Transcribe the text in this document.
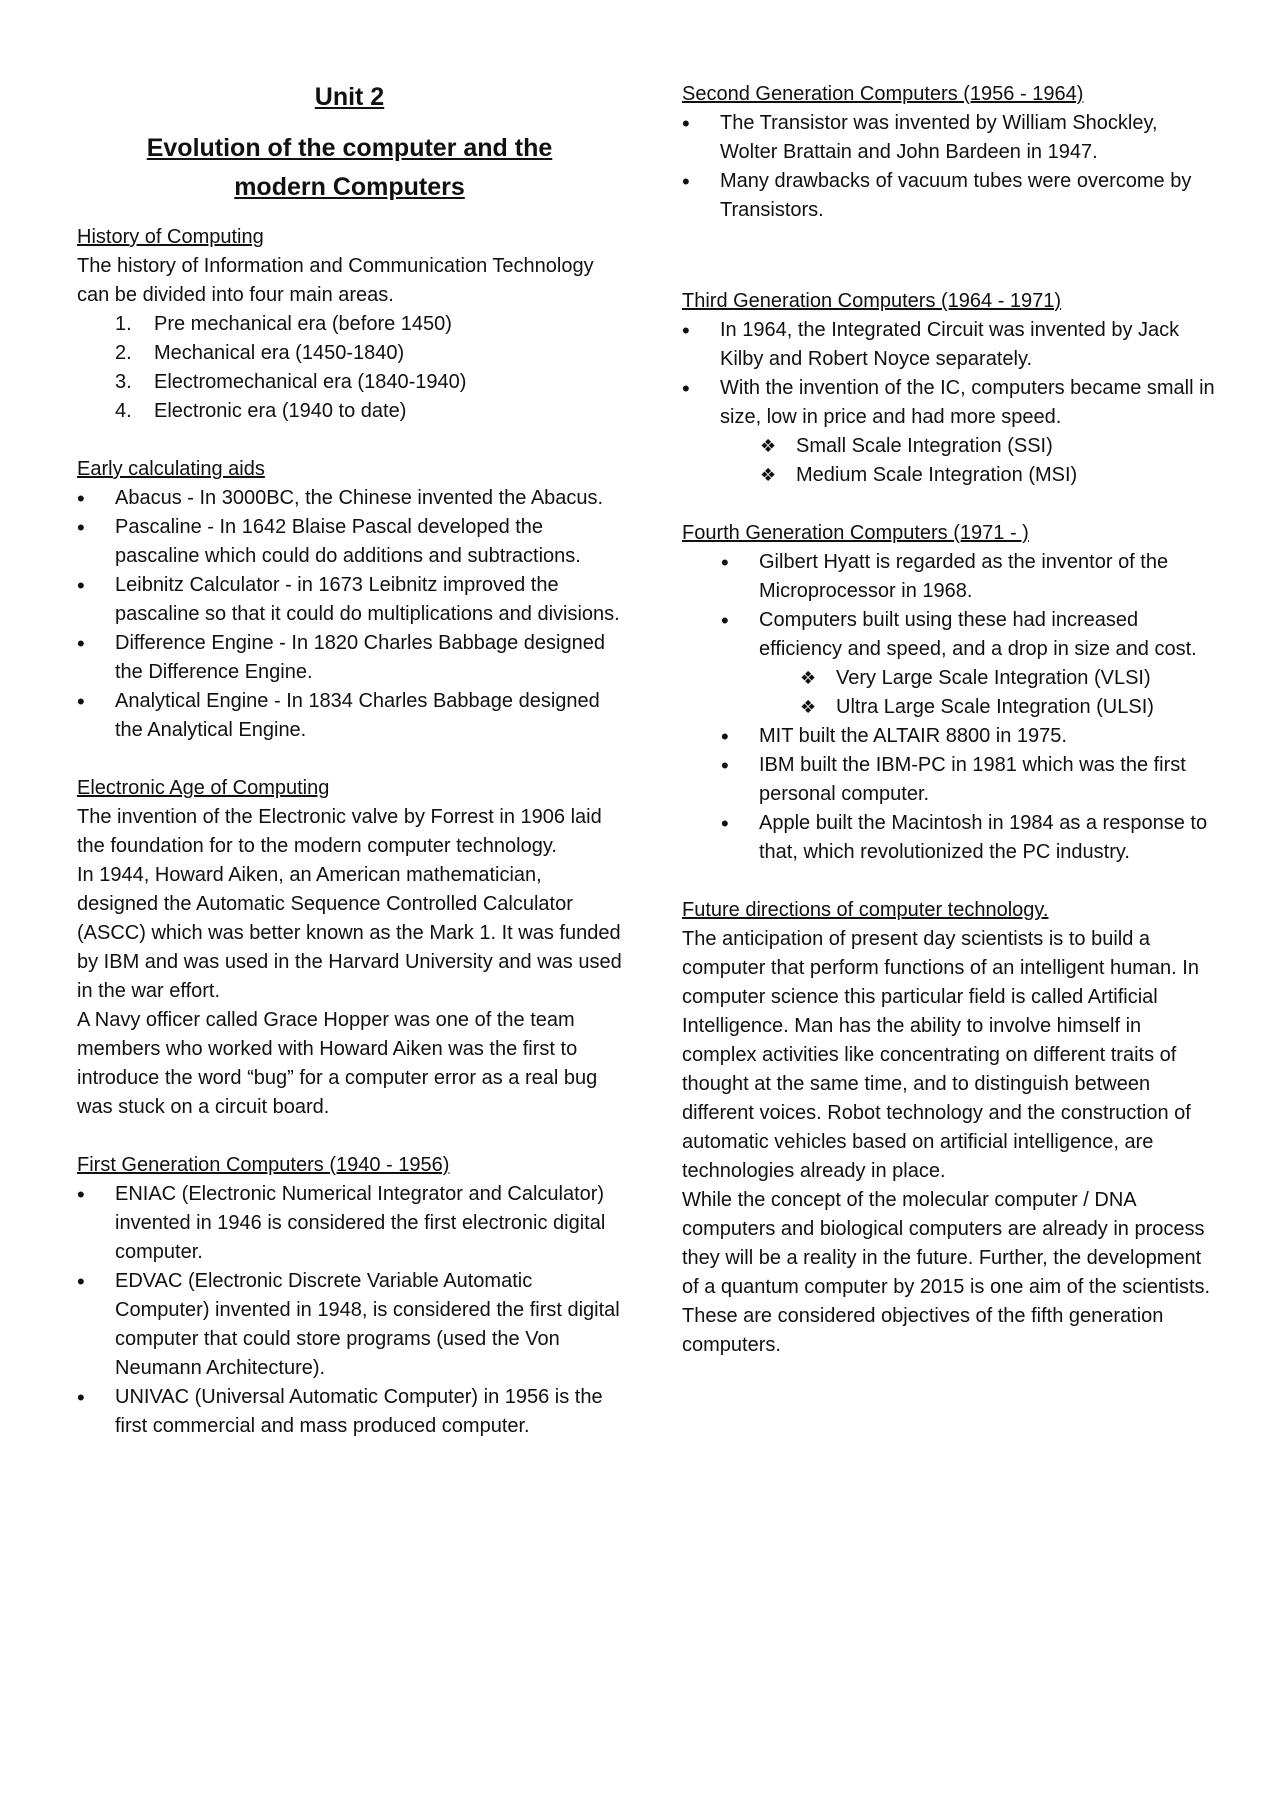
Unit 2
Evolution of the computer and the
modern Computers
History of Computing

The history of Information and Communication Technology can be divided into four main areas.

1. Pre mechanical era (before 1450)
2. Mechanical era (1450-1840)
3. Electromechanical era (1840-1940)
4. Electronic era (1940 to date)
Early calculating aids
• Abacus - In 3000BC, the Chinese invented the Abacus.
• Pascaline - In 1642 Blaise Pascal developed the pascaline which could do additions and subtractions.
• Leibnitz Calculator - in 1673 Leibnitz improved the pascaline so that it could do multiplications and divisions.
• Difference Engine - In 1820 Charles Babbage designed the Difference Engine.
• Analytical Engine - In 1834 Charles Babbage designed the Analytical Engine.
Electronic Age of Computing

The invention of the Electronic valve by Forrest in 1906 laid the foundation for to the modern computer technology.

In 1944, Howard Aiken, an American mathematician, designed the Automatic Sequence Controlled Calculator (ASCC) which was better known as the Mark 1. It was funded by IBM and was used in the Harvard University and was used in the war effort.

A Navy officer called Grace Hopper was one of the team members who worked with Howard Aiken was the first to introduce the word “bug” for a computer error as a real bug was stuck on a circuit board.

First Generation Computers (1940 - 1956)
• ENIAC (Electronic Numerical Integrator and Calculator) invented in 1946 is considered the first electronic digital computer.
• EDVAC (Electronic Discrete Variable Automatic Computer) invented in 1948, is considered the first digital computer that could store programs (used the Von Neumann Architecture).
• UNIVAC (Universal Automatic Computer) in 1956 is the first commercial and mass produced computer.
Second Generation Computers (1956 - 1964)
• The Transistor was invented by William Shockley, Wolter Brattain and John Bardeen in 1947.
• Many drawbacks of vacuum tubes were overcome by Transistors.
Third Generation Computers (1964 - 1971)
• In 1964, the Integrated Circuit was invented by Jack Kilby and Robert Noyce separately.
• With the invention of the IC, computers became small in size, low in price and had more speed.
❖ Small Scale Integration (SSI)
❖ Medium Scale Integration (MSI)
Fourth Generation Computers (1971 - )
• Gilbert Hyatt is regarded as the inventor of the Microprocessor in 1968.
• Computers built using these had increased efficiency and speed, and a drop in size and cost.
❖ Very Large Scale Integration (VLSI)
❖ Ultra Large Scale Integration (ULSI)
• MIT built the ALTAIR 8800 in 1975.
• IBM built the IBM-PC in 1981 which was the first personal computer.
• Apple built the Macintosh in 1984 as a response to that, which revolutionized the PC industry.
Future directions of computer technology.

The anticipation of present day scientists is to build a computer that perform functions of an intelligent human. In computer science this particular field is called Artificial Intelligence. Man has the ability to involve himself in complex activities like concentrating on different traits of thought at the same time, and to distinguish between different voices. Robot technology and the construction of automatic vehicles based on artificial intelligence, are technologies already in place.

While the concept of the molecular computer / DNA computers and biological computers are already in process they will be a reality in the future. Further, the development of a quantum computer by 2015 is one aim of the scientists. These are considered objectives of the fifth generation computers.
